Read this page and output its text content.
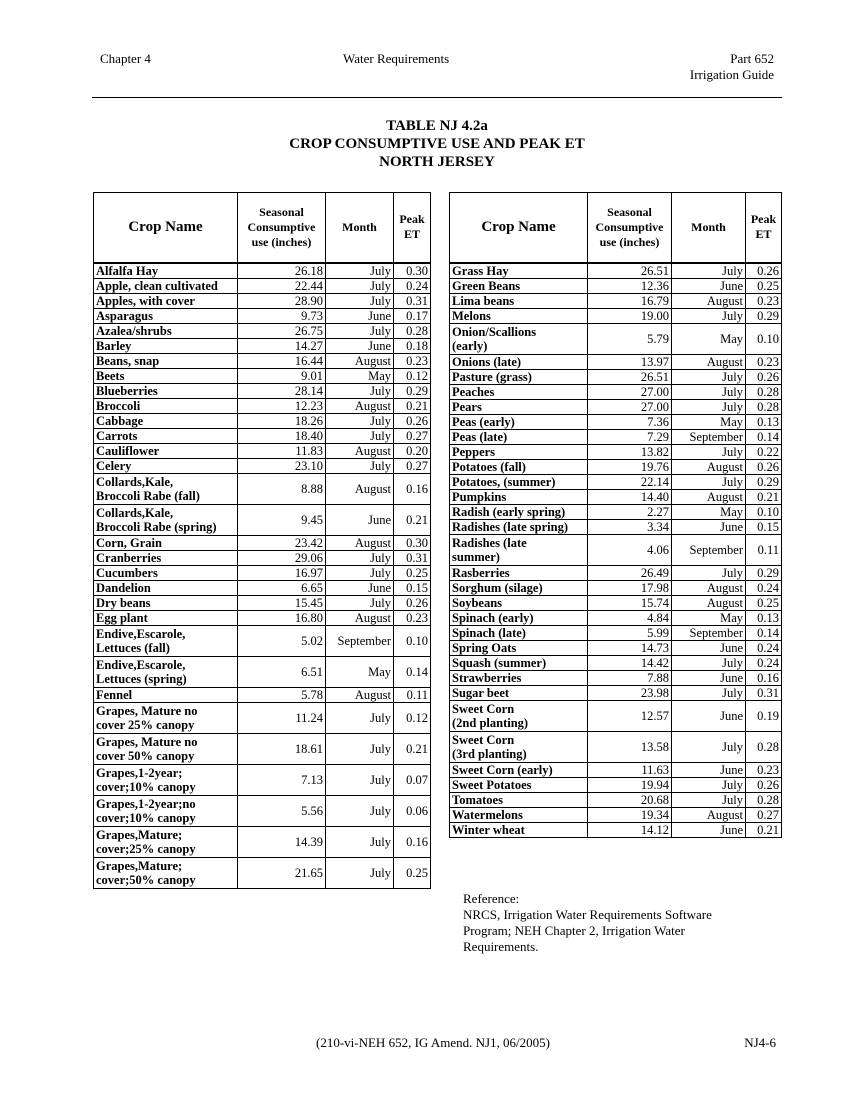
Chapter 4	Water Requirements	Part 652
Irrigation Guide
TABLE NJ 4.2a
CROP CONSUMPTIVE USE AND PEAK ET
NORTH JERSEY
Crop Name	Seasonal Consumptive use (inches)	Month	Peak ET

Alfalfa Hay	26.18	July	0.30

Apple, clean cultivated	22.44	July	0.24

Apples, with cover	28.90	July	0.31

Asparagus	9.73	June	0.17

Azalea/shrubs	26.75	July	0.28

Barley	14.27	June	0.18

Beans, snap	16.44	August	0.23

Beets	9.01	May	0.12

Blueberries	28.14	July	0.29

Broccoli	12.23	August	0.21

Cabbage	18.26	July	0.26

Carrots	18.40	July	0.27

Cauliflower	11.83	August	0.20

Celery	23.10	July	0.27

Collards,Kale,
Broccoli Rabe (fall)	8.88	August	0.16

Collards,Kale,
Broccoli Rabe (spring)	9.45	June	0.21

Corn, Grain	23.42	August	0.30

Cranberries	29.06	July	0.31

Cucumbers	16.97	July	0.25

Dandelion	6.65	June	0.15

Dry beans	15.45	July	0.26

Egg plant	16.80	August	0.23

Endive,Escarole,
Lettuces (fall)	5.02	September	0.10

Endive,Escarole,
Lettuces (spring)	6.51	May	0.14

Fennel	5.78	August	0.11

Grapes, Mature no
cover 25% canopy	11.24	July	0.12

Grapes, Mature no
cover 50% canopy	18.61	July	0.21

Grapes,1-2year;
cover;10% canopy	7.13	July	0.07

Grapes,1-2year;no
cover;10% canopy	5.56	July	0.06

Grapes,Mature;
cover;25% canopy	14.39	July	0.16

Grapes,Mature;
cover;50% canopy	21.65	July	0.25
Crop Name	Seasonal Consumptive use (inches)	Month	Peak ET

Grass Hay	26.51	July	0.26

Green Beans	12.36	June	0.25

Lima beans	16.79	August	0.23

Melons	19.00	July	0.29

Onion/Scallions
(early)	5.79	May	0.10

Onions (late)	13.97	August	0.23

Pasture (grass)	26.51	July	0.26

Peaches	27.00	July	0.28

Pears	27.00	July	0.28

Peas (early)	7.36	May	0.13

Peas (late)	7.29	September	0.14

Peppers	13.82	July	0.22

Potatoes (fall)	19.76	August	0.26

Potatoes, (summer)	22.14	July	0.29

Pumpkins	14.40	August	0.21

Radish (early spring)	2.27	May	0.10

Radishes (late spring)	3.34	June	0.15

Radishes (late
summer)	4.06	September	0.11

Rasberries	26.49	July	0.29

Sorghum (silage)	17.98	August	0.24

Soybeans	15.74	August	0.25

Spinach (early)	4.84	May	0.13

Spinach (late)	5.99	September	0.14

Spring Oats	14.73	June	0.24

Squash (summer)	14.42	July	0.24

Strawberries	7.88	June	0.16

Sugar beet	23.98	July	0.31

Sweet Corn
(2nd planting)	12.57	June	0.19

Sweet Corn
(3rd planting)	13.58	July	0.28

Sweet Corn (early)	11.63	June	0.23

Sweet Potatoes	19.94	July	0.26

Tomatoes	20.68	July	0.28

Watermelons	19.34	August	0.27

Winter wheat	14.12	June	0.21
Reference:
NRCS, Irrigation Water Requirements Software Program; NEH Chapter 2, Irrigation Water Requirements.
(210-vi-NEH 652, IG Amend. NJ1, 06/2005)	NJ4-6
